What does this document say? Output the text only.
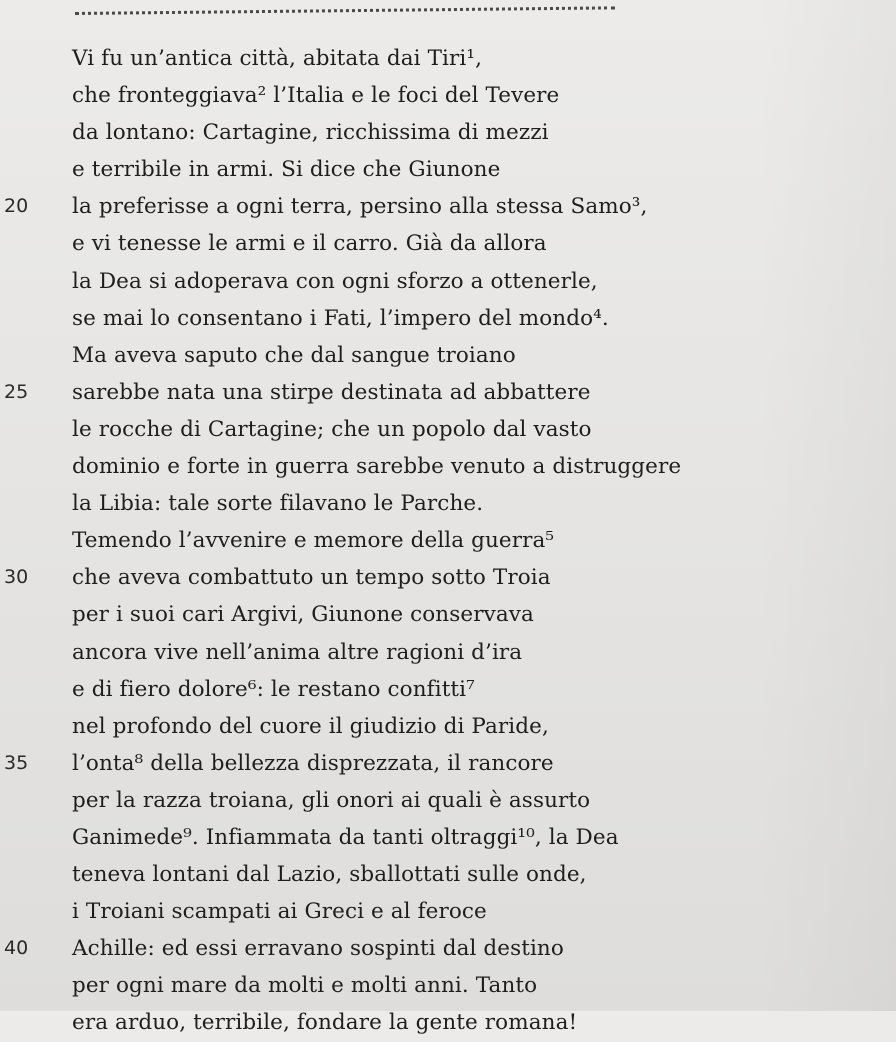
Vi fu un’antica città, abitata dai Tiri¹,
che fronteggiava² l’Italia e le foci del Tevere
da lontano: Cartagine, ricchissima di mezzi
e terribile in armi. Si dice che Giunone
20	la preferisse a ogni terra, persino alla stessa Samo³,
e vi tenesse le armi e il carro. Già da allora
la Dea si adoperava con ogni sforzo a ottenerle,
se mai lo consentano i Fati, l’impero del mondo⁴.
Ma aveva saputo che dal sangue troiano
25	sarebbe nata una stirpe destinata ad abbattere
le rocche di Cartagine; che un popolo dal vasto
dominio e forte in guerra sarebbe venuto a distruggere
la Libia: tale sorte filavano le Parche.
Temendo l’avvenire e memore della guerra⁵
30	che aveva combattuto un tempo sotto Troia
per i suoi cari Argivi, Giunone conservava
ancora vive nell’anima altre ragioni d’ira
e di fiero dolore⁶: le restano confitti⁷
nel profondo del cuore il giudizio di Paride,
35	l’onta⁸ della bellezza disprezzata, il rancore
per la razza troiana, gli onori ai quali è assurto
Ganimede⁹. Infiammata da tanti oltraggi¹⁰, la Dea
teneva lontani dal Lazio, sballottati sulle onde,
i Troiani scampati ai Greci e al feroce
40	Achille: ed essi erravano sospinti dal destino
per ogni mare da molti e molti anni. Tanto
era arduo, terribile, fondare la gente romana!
